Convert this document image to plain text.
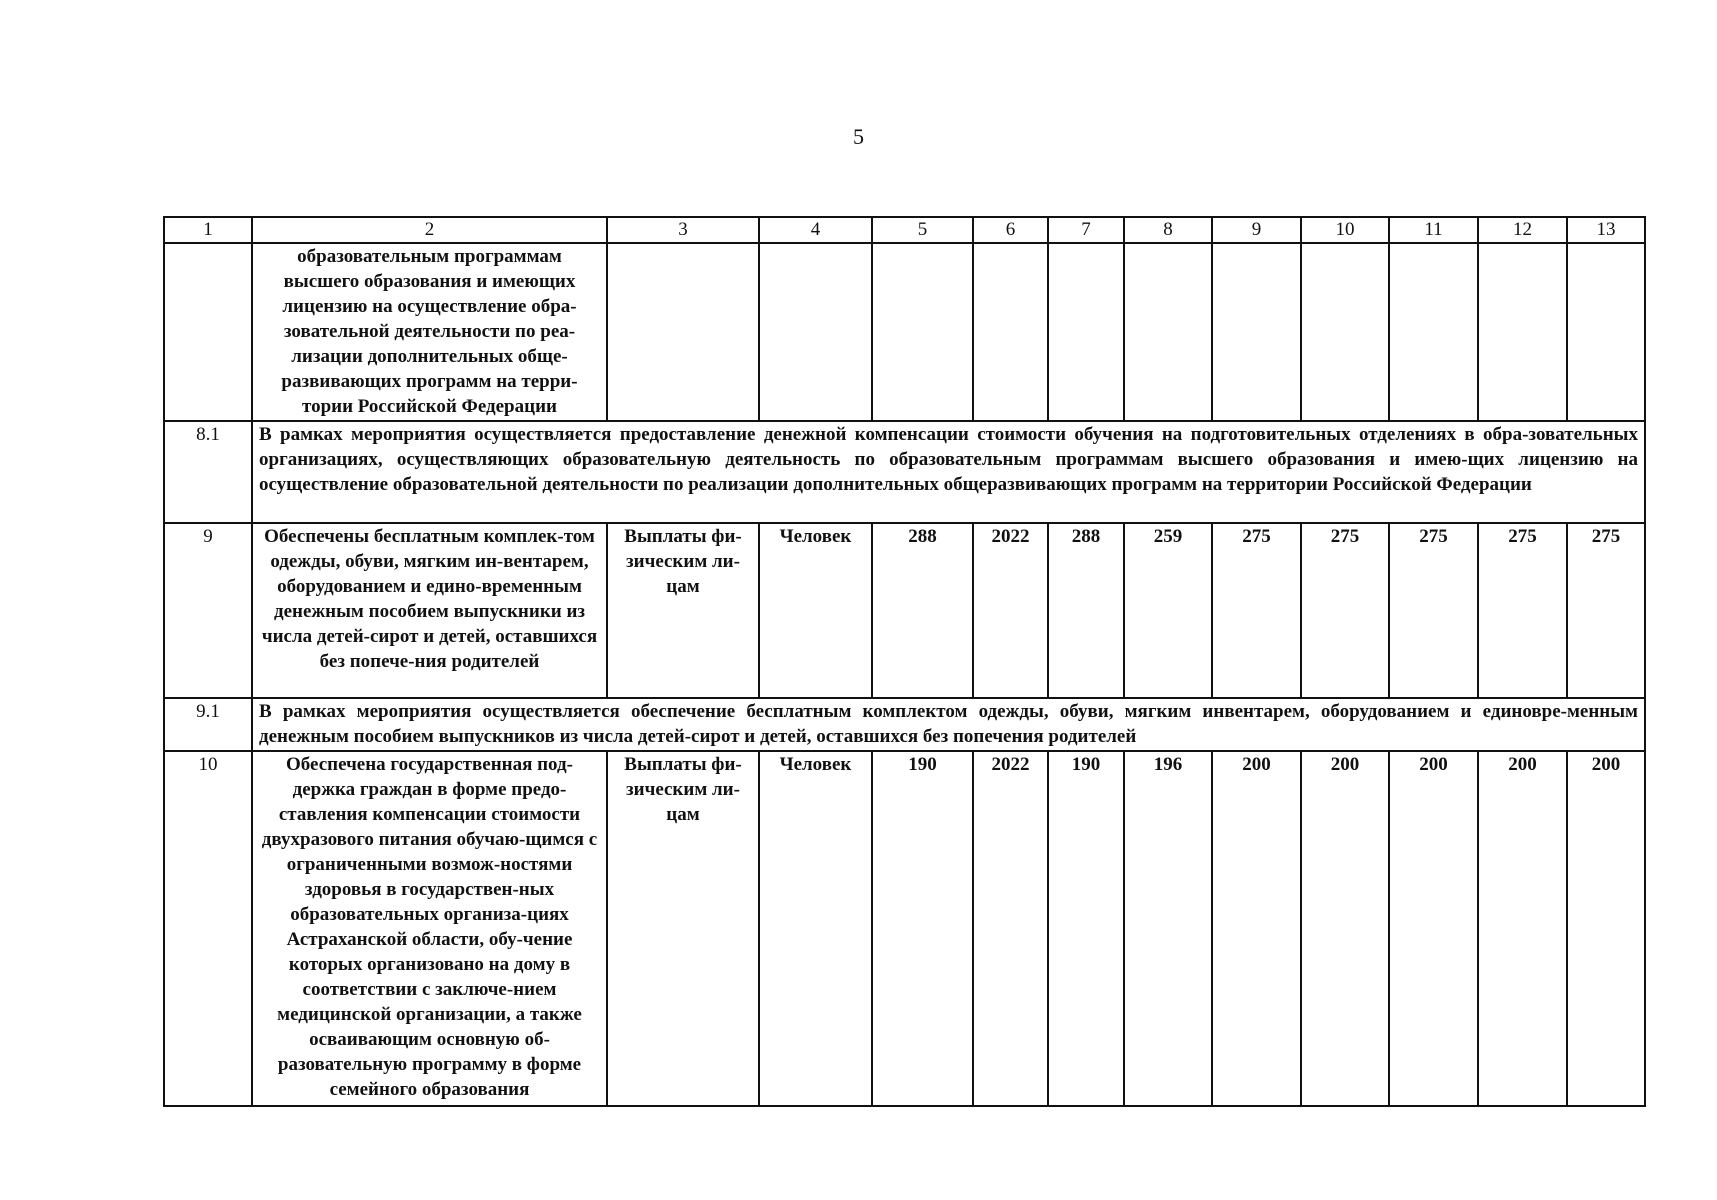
5
1	2	3	4	5	6	7	8	9	10	11	12	13
	образовательным программам высшего образования и имеющих лицензию на осуществление обра-зовательной деятельности по реа-лизации дополнительных обще-развивающих программ на терри-тории Российской Федерации											
8.1	В рамках мероприятия осуществляется предоставление денежной компенсации стоимости обучения на подготовительных отделениях в обра-зовательных организациях, осуществляющих образовательную деятельность по образовательным программам высшего образования и имею-щих лицензию на осуществление образовательной деятельности по реализации дополнительных общеразвивающих программ на территории Российской Федерации											
9	Обеспечены бесплатным комплек-том одежды, обуви, мягким ин-вентарем, оборудованием и едино-временным денежным пособием выпускники из числа детей-сирот и детей, оставшихся без попече-ния родителей	Выплаты фи-зическим ли-цам	Человек	288	2022	288	259	275	275	275	275	275
9.1	В рамках мероприятия осуществляется обеспечение бесплатным комплектом одежды, обуви, мягким инвентарем, оборудованием и единовре-менным денежным пособием выпускников из числа детей-сирот и детей, оставшихся без попечения родителей											
10	Обеспечена государственная под-держка граждан в форме предо-ставления компенсации стоимости двухразового питания обучаю-щимся с ограниченными возмож-ностями здоровья в государствен-ных образовательных организа-циях Астраханской области, обу-чение которых организовано на дому в соответствии с заключе-нием медицинской организации, а также осваивающим основную об-разовательную программу в форме семейного образования	Выплаты фи-зическим ли-цам	Человек	190	2022	190	196	200	200	200	200	200
